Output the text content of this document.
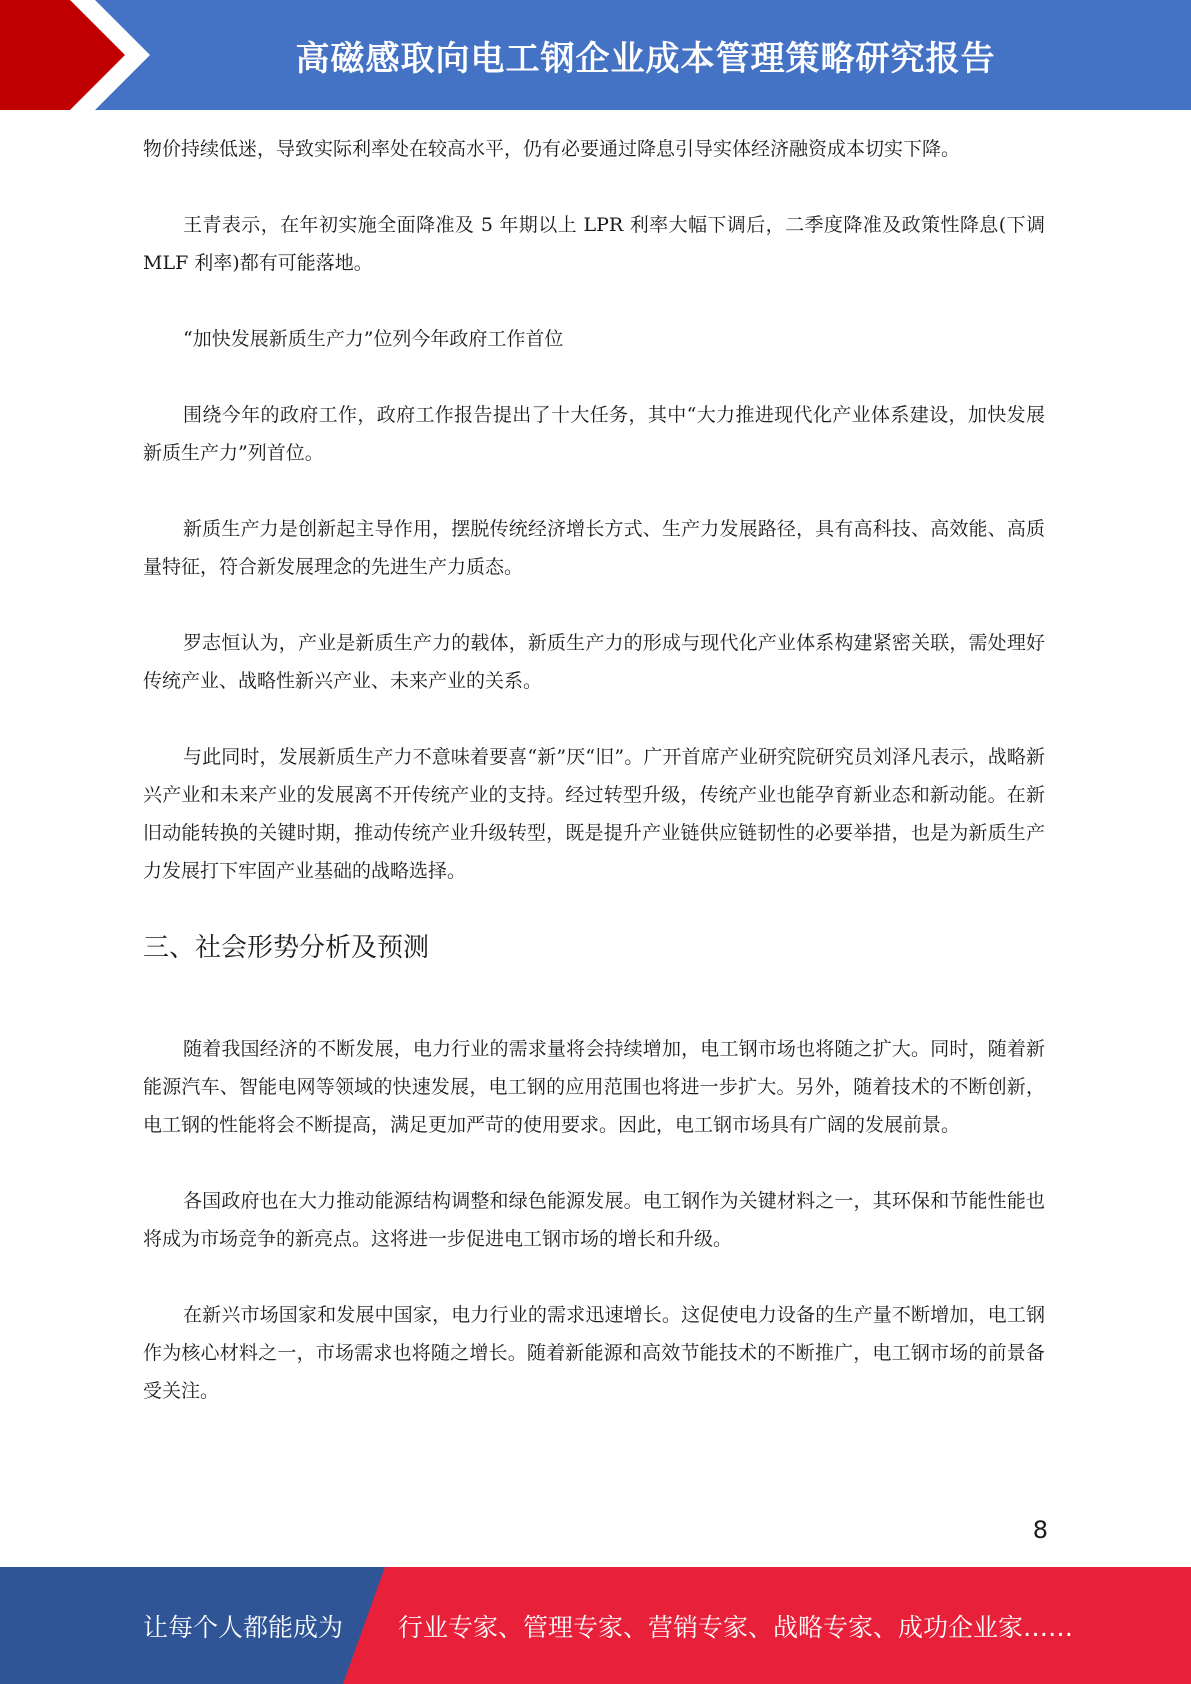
高磁感取向电工钢企业成本管理策略研究报告

物价持续低迷，导致实际利率处在较高水平，仍有必要通过降息引导实体经济融资成本切实下降。

王青表示，在年初实施全面降准及 5 年期以上 LPR 利率大幅下调后，二季度降准及政策性降息(下调 MLF 利率)都有可能落地。

“加快发展新质生产力”位列今年政府工作首位

围绕今年的政府工作，政府工作报告提出了十大任务，其中“大力推进现代化产业体系建设，加快发展新质生产力”列首位。

新质生产力是创新起主导作用，摆脱传统经济增长方式、生产力发展路径，具有高科技、高效能、高质量特征，符合新发展理念的先进生产力质态。

罗志恒认为，产业是新质生产力的载体，新质生产力的形成与现代化产业体系构建紧密关联，需处理好传统产业、战略性新兴产业、未来产业的关系。

与此同时，发展新质生产力不意味着要喜“新”厌“旧”。广开首席产业研究院研究员刘泽凡表示，战略新兴产业和未来产业的发展离不开传统产业的支持。经过转型升级，传统产业也能孕育新业态和新动能。在新旧动能转换的关键时期，推动传统产业升级转型，既是提升产业链供应链韧性的必要举措，也是为新质生产力发展打下牢固产业基础的战略选择。

三、社会形势分析及预测

随着我国经济的不断发展，电力行业的需求量将会持续增加，电工钢市场也将随之扩大。同时，随着新能源汽车、智能电网等领域的快速发展，电工钢的应用范围也将进一步扩大。另外，随着技术的不断创新，电工钢的性能将会不断提高，满足更加严苛的使用要求。因此，电工钢市场具有广阔的发展前景。

各国政府也在大力推动能源结构调整和绿色能源发展。电工钢作为关键材料之一，其环保和节能性能也将成为市场竞争的新亮点。这将进一步促进电工钢市场的增长和升级。

在新兴市场国家和发展中国家，电力行业的需求迅速增长。这促使电力设备的生产量不断增加，电工钢作为核心材料之一，市场需求也将随之增长。随着新能源和高效节能技术的不断推广，电工钢市场的前景备受关注。

8
让每个人都能成为 行业专家、管理专家、营销专家、战略专家、成功企业家……
